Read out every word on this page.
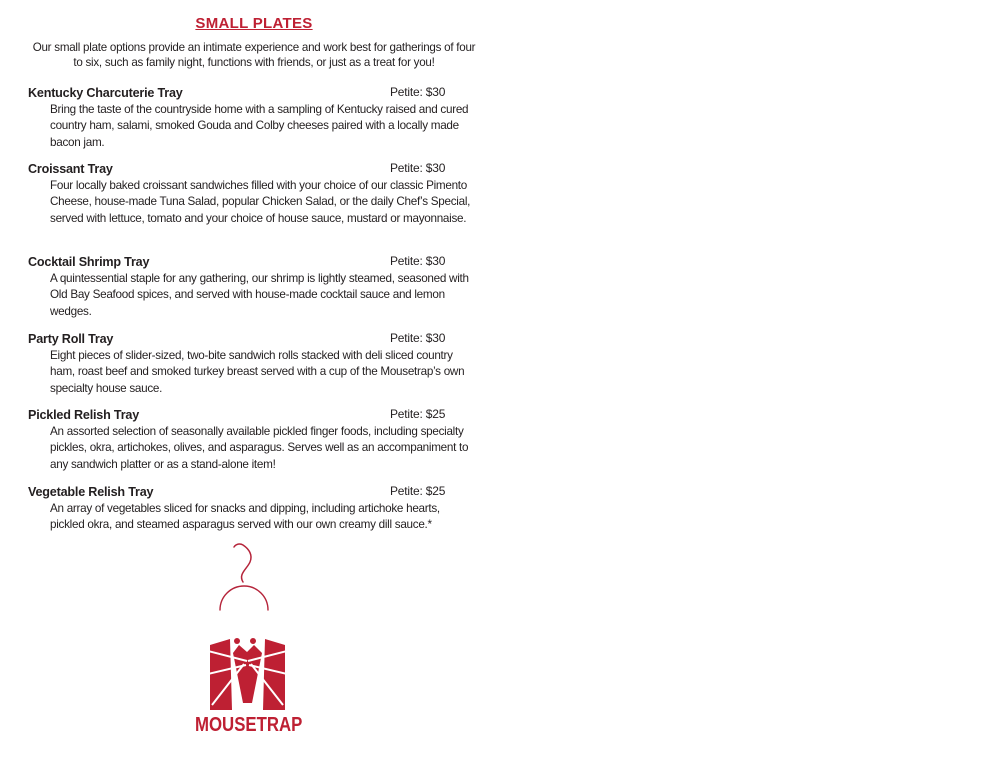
SMALL PLATES
Our small plate options provide an intimate experience and work best for gatherings of four to six, such as family night, functions with friends, or just as a treat for you!
Kentucky Charcuterie Tray	Petite: $30

Bring the taste of the countryside home with a sampling of Kentucky raised and cured country ham, salami, smoked Gouda and Colby cheeses paired with a locally made bacon jam.

Croissant Tray	Petite: $30

Four locally baked croissant sandwiches filled with your choice of our classic Pimento Cheese, house-made Tuna Salad, popular Chicken Salad, or the daily Chef’s Special, served with lettuce, tomato and your choice of house sauce, mustard or mayonnaise.

Cocktail Shrimp Tray	Petite: $30

A quintessential staple for any gathering, our shrimp is lightly steamed, seasoned with Old Bay Seafood spices, and served with house-made cocktail sauce and lemon wedges.

Party Roll Tray	Petite: $30

Eight pieces of slider-sized, two-bite sandwich rolls stacked with deli sliced country ham, roast beef and smoked turkey breast served with a cup of the Mousetrap’s own specialty house sauce.

Pickled Relish Tray	Petite: $25

An assorted selection of seasonally available pickled finger foods, including specialty pickles, okra, artichokes, olives, and asparagus. Serves well as an accompaniment to any sandwich platter or as a stand-alone item!

Vegetable Relish Tray	Petite: $25

An array of vegetables sliced for snacks and dipping, including artichoke hearts, pickled okra, and steamed asparagus served with our own creamy dill sauce.*

MOUSETRAP
